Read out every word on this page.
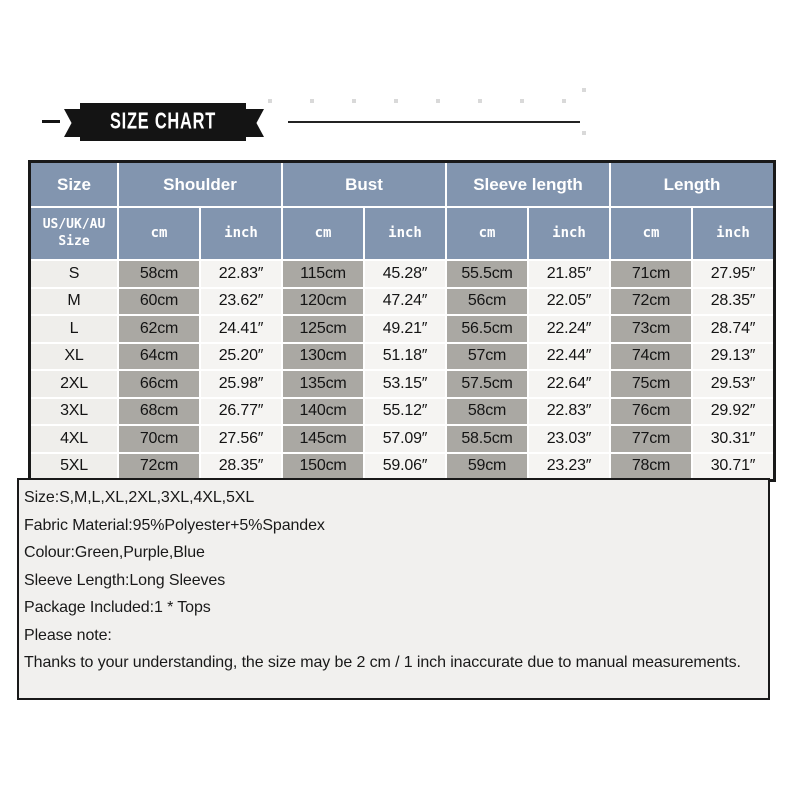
SIZE CHART
Size	Shoulder	Bust	Sleeve length	Length
US/UK/AU Size
cm	inch	cm	inch	cm	inch	cm	inch
S	58cm	22.83″	115cm	45.28″	55.5cm	21.85″	71cm	27.95″
M	60cm	23.62″	120cm	47.24″	56cm	22.05″	72cm	28.35″
L	62cm	24.41″	125cm	49.21″	56.5cm	22.24″	73cm	28.74″
XL	64cm	25.20″	130cm	51.18″	57cm	22.44″	74cm	29.13″
2XL	66cm	25.98″	135cm	53.15″	57.5cm	22.64″	75cm	29.53″
3XL	68cm	26.77″	140cm	55.12″	58cm	22.83″	76cm	29.92″
4XL	70cm	27.56″	145cm	57.09″	58.5cm	23.03″	77cm	30.31″
5XL	72cm	28.35″	150cm	59.06″	59cm	23.23″	78cm	30.71″
Size:S,M,L,XL,2XL,3XL,4XL,5XL
Fabric Material:95%Polyester+5%Spandex
Colour:Green,Purple,Blue
Sleeve Length:Long Sleeves
Package Included:1 * Tops
Please note:
Thanks to your understanding, the size may be 2 cm / 1 inch inaccurate due to manual measurements.
